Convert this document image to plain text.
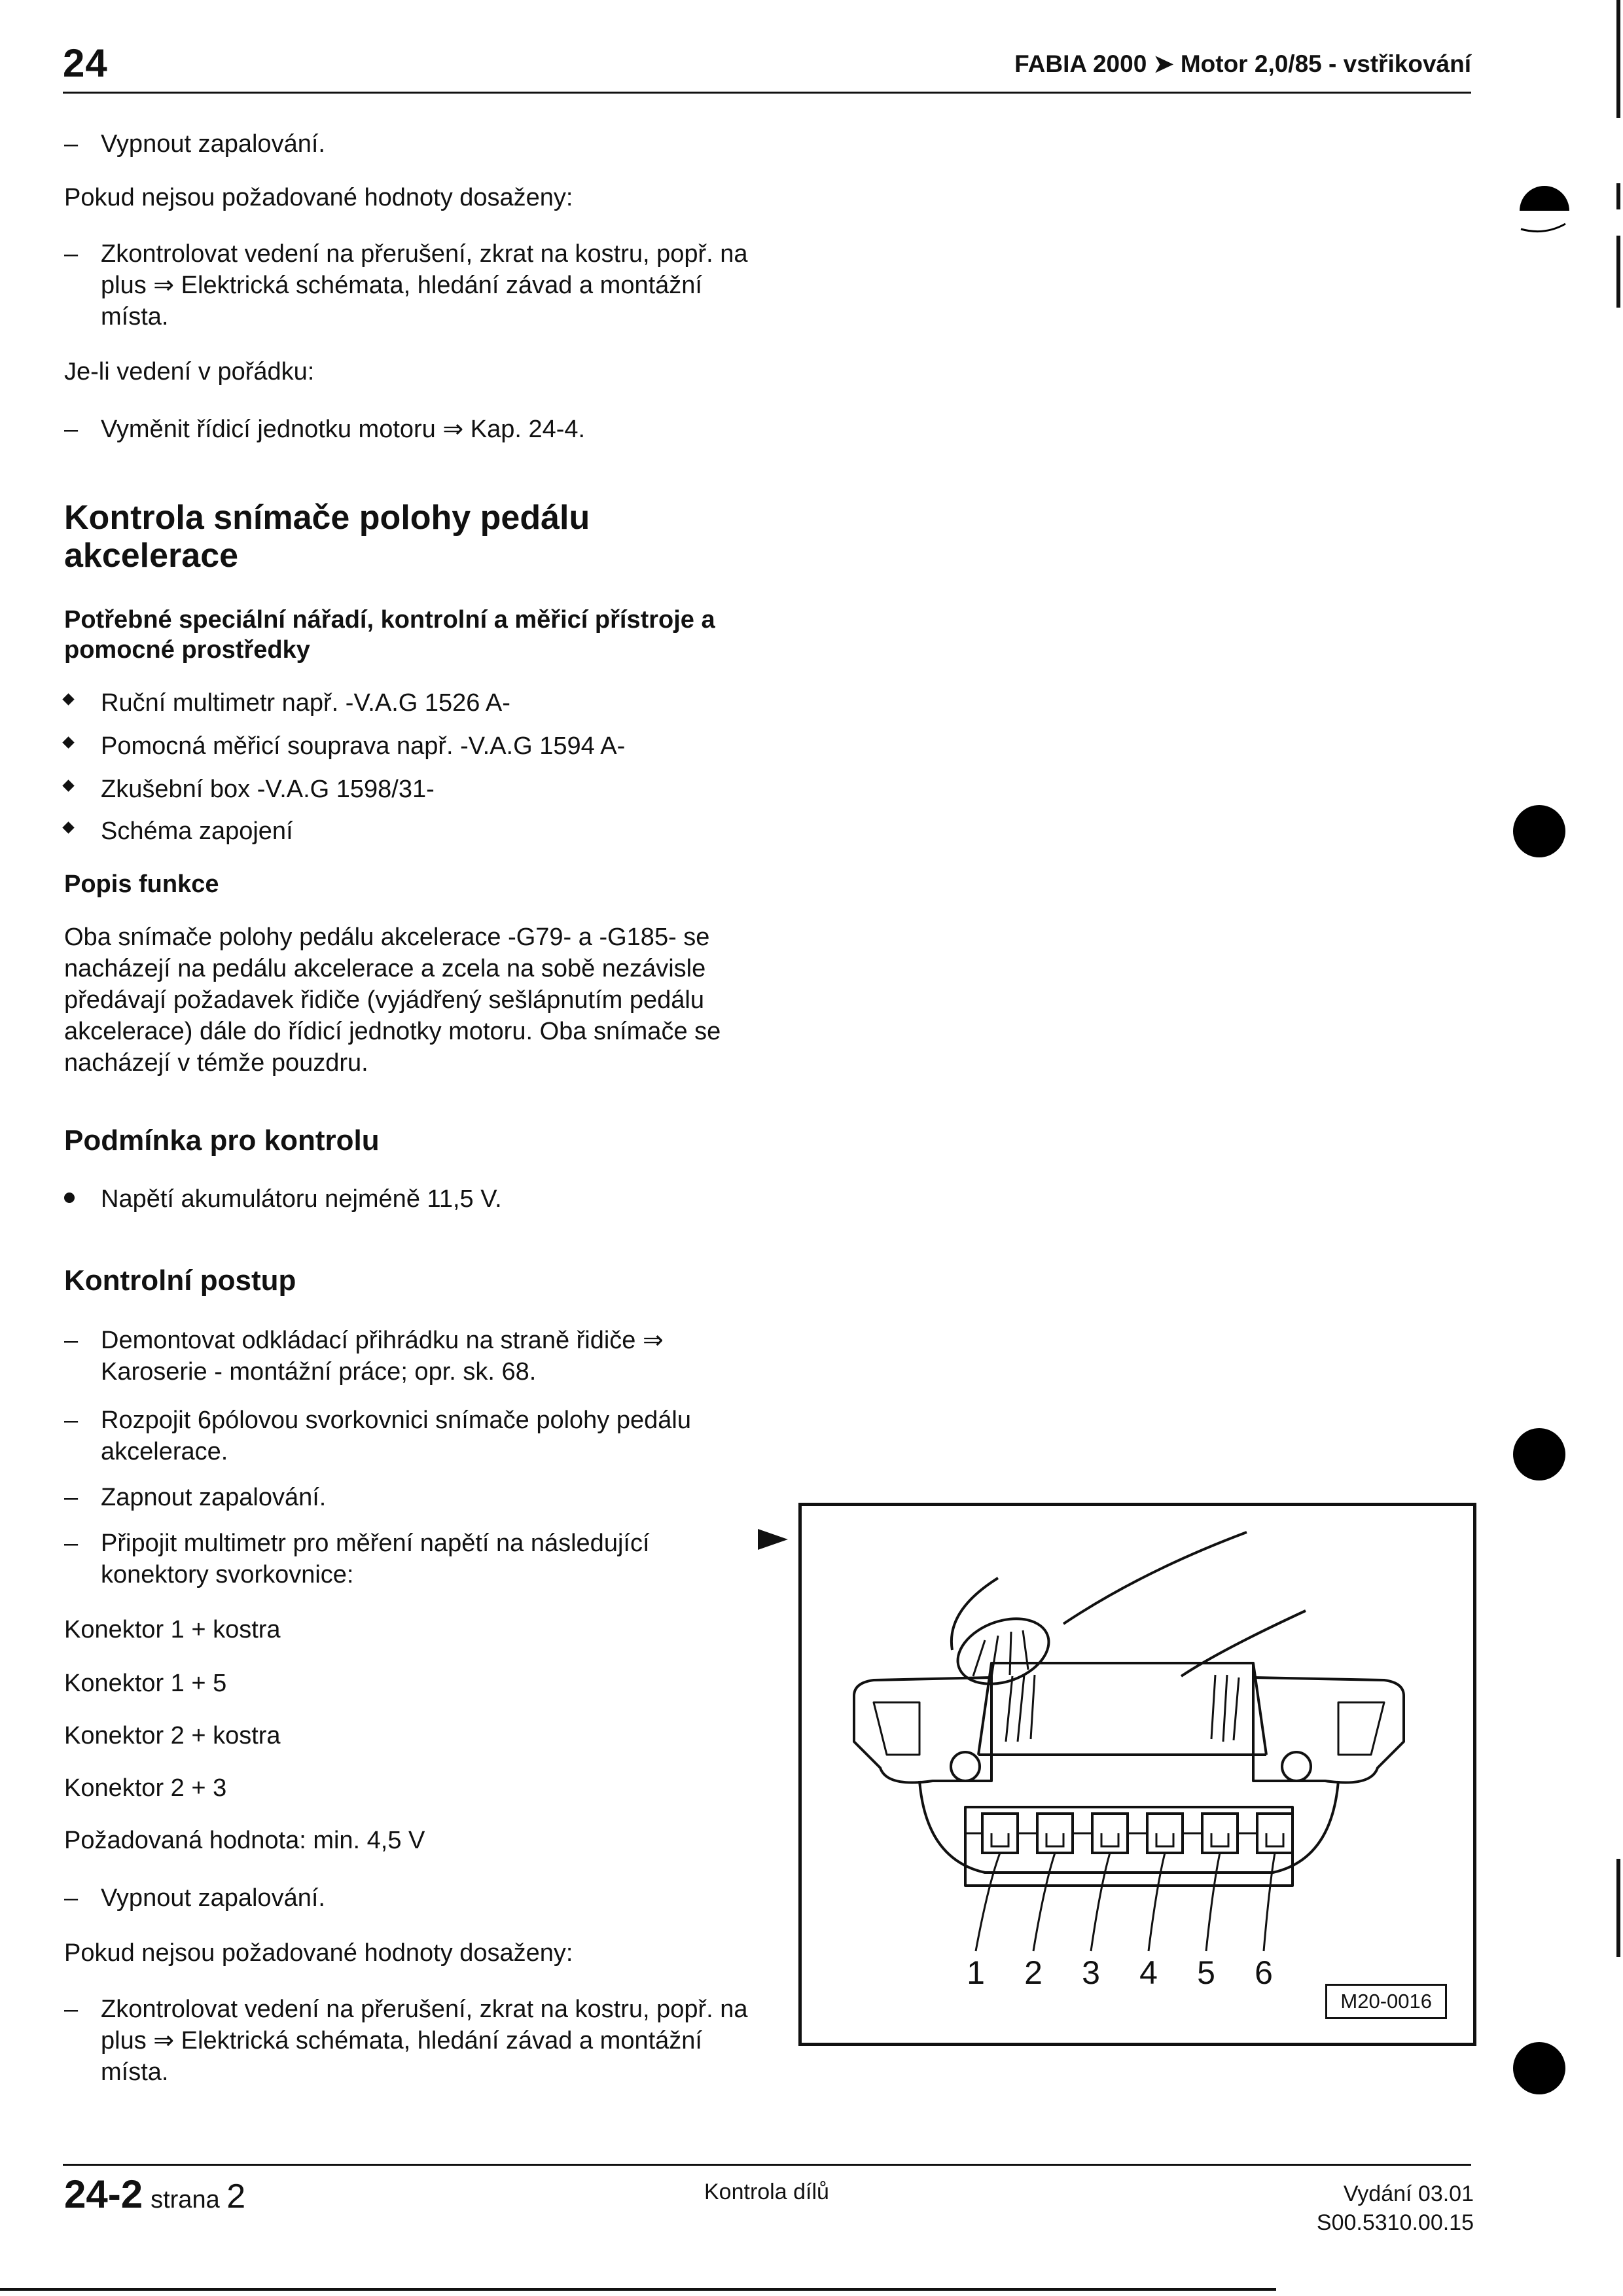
24	FABIA 2000 ➤ Motor 2,0/85 - vstřikování
– Vypnout zapalování.
Pokud nejsou požadované hodnoty dosaženy:
– Zkontrolovat vedení na přerušení, zkrat na kostru, popř. na plus ⇒ Elektrická schémata, hledání závad a montážní místa.
Je-li vedení v pořádku:
– Vyměnit řídicí jednotku motoru ⇒ Kap. 24-4.
Kontrola snímače polohy pedálu akcelerace
Potřebné speciální nářadí, kontrolní a měřicí přístroje a pomocné prostředky
Ruční multimetr např. -V.A.G 1526 A-
Pomocná měřicí souprava např. -V.A.G 1594 A-
Zkušební box -V.A.G 1598/31-
Schéma zapojení
Popis funkce
Oba snímače polohy pedálu akcelerace -G79- a -G185- se nacházejí na pedálu akcelerace a zcela na sobě nezávisle předávají požadavek řidiče (vyjádřený sešlápnutím pedálu akcelerace) dále do řídicí jednotky motoru. Oba snímače se nacházejí v témže pouzdru.
Podmínka pro kontrolu
Napětí akumulátoru nejméně 11,5 V.
Kontrolní postup
– Demontovat odkládací přihrádku na straně řidiče ⇒ Karoserie - montážní práce; opr. sk. 68.
– Rozpojit 6pólovou svorkovnici snímače polohy pedálu akcelerace.
– Zapnout zapalování.
– Připojit multimetr pro měření napětí na následující konektory svorkovnice:
Konektor 1 + kostra
Konektor 1 + 5
Konektor 2 + kostra
Konektor 2 + 3
Požadovaná hodnota: min. 4,5 V
– Vypnout zapalování.
Pokud nejsou požadované hodnoty dosaženy:
– Zkontrolovat vedení na přerušení, zkrat na kostru, popř. na plus ⇒ Elektrická schémata, hledání závad a montážní místa.
1 2 3 4 5 6
M20-0016
24-2 strana 2	Kontrola dílů	Vydání 03.01
S00.5310.00.15
